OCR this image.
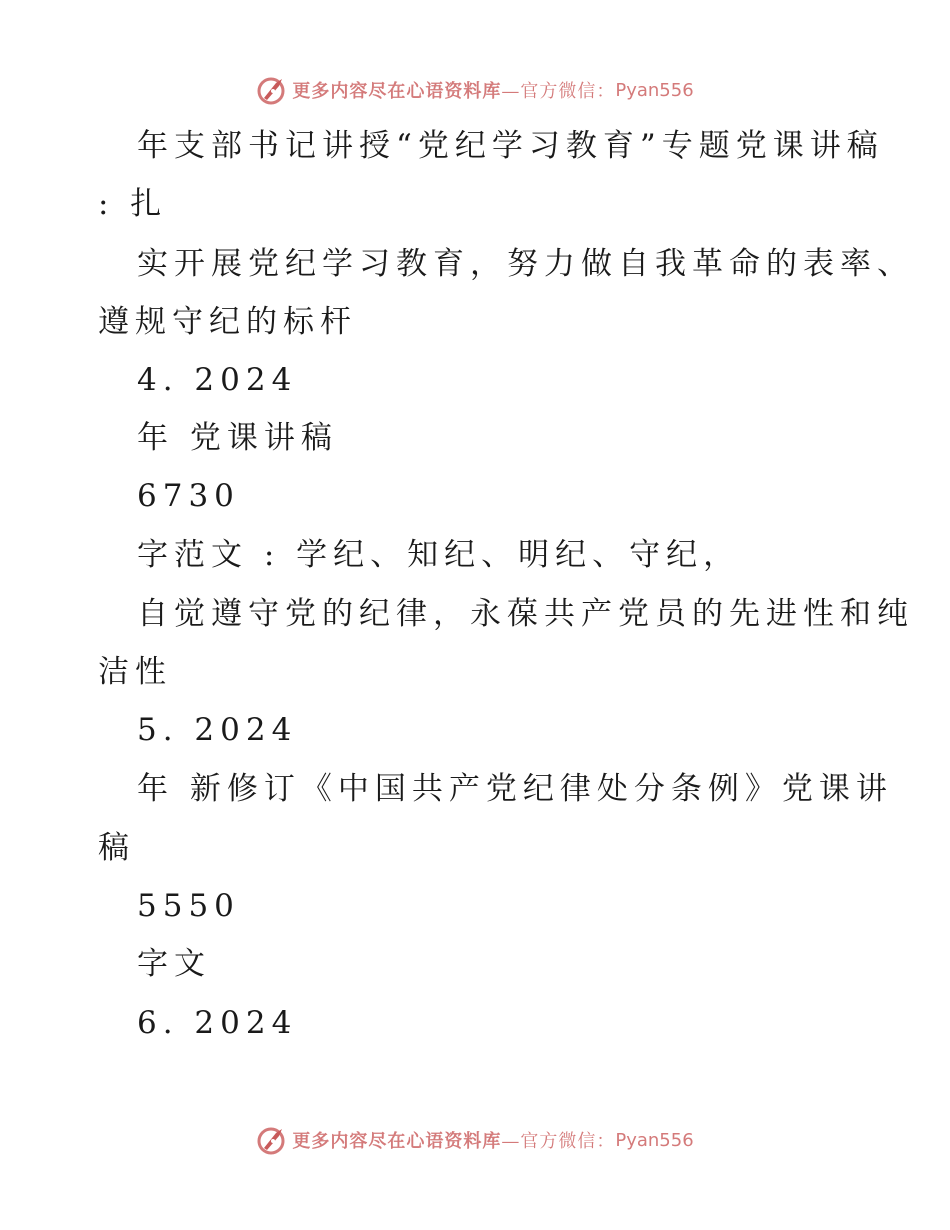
更多内容尽在心语资料库 —官方微信： Pyan556
年支部书记讲授“党纪学习教育”专题党课讲稿
: 扎
实开展党纪学习教育，努力做自我革命的表率、
遵规守纪的标杆
4. 2024
年 党课讲稿
6730
字范文 : 学纪、知纪、明纪、守纪，
自觉遵守党的纪律，永葆共产党员的先进性和纯
洁性
5. 2024
年 新修订《中国共产党纪律处分条例》党课讲
稿
5550
字文
6. 2024
更多内容尽在心语资料库 —官方微信： Pyan556
